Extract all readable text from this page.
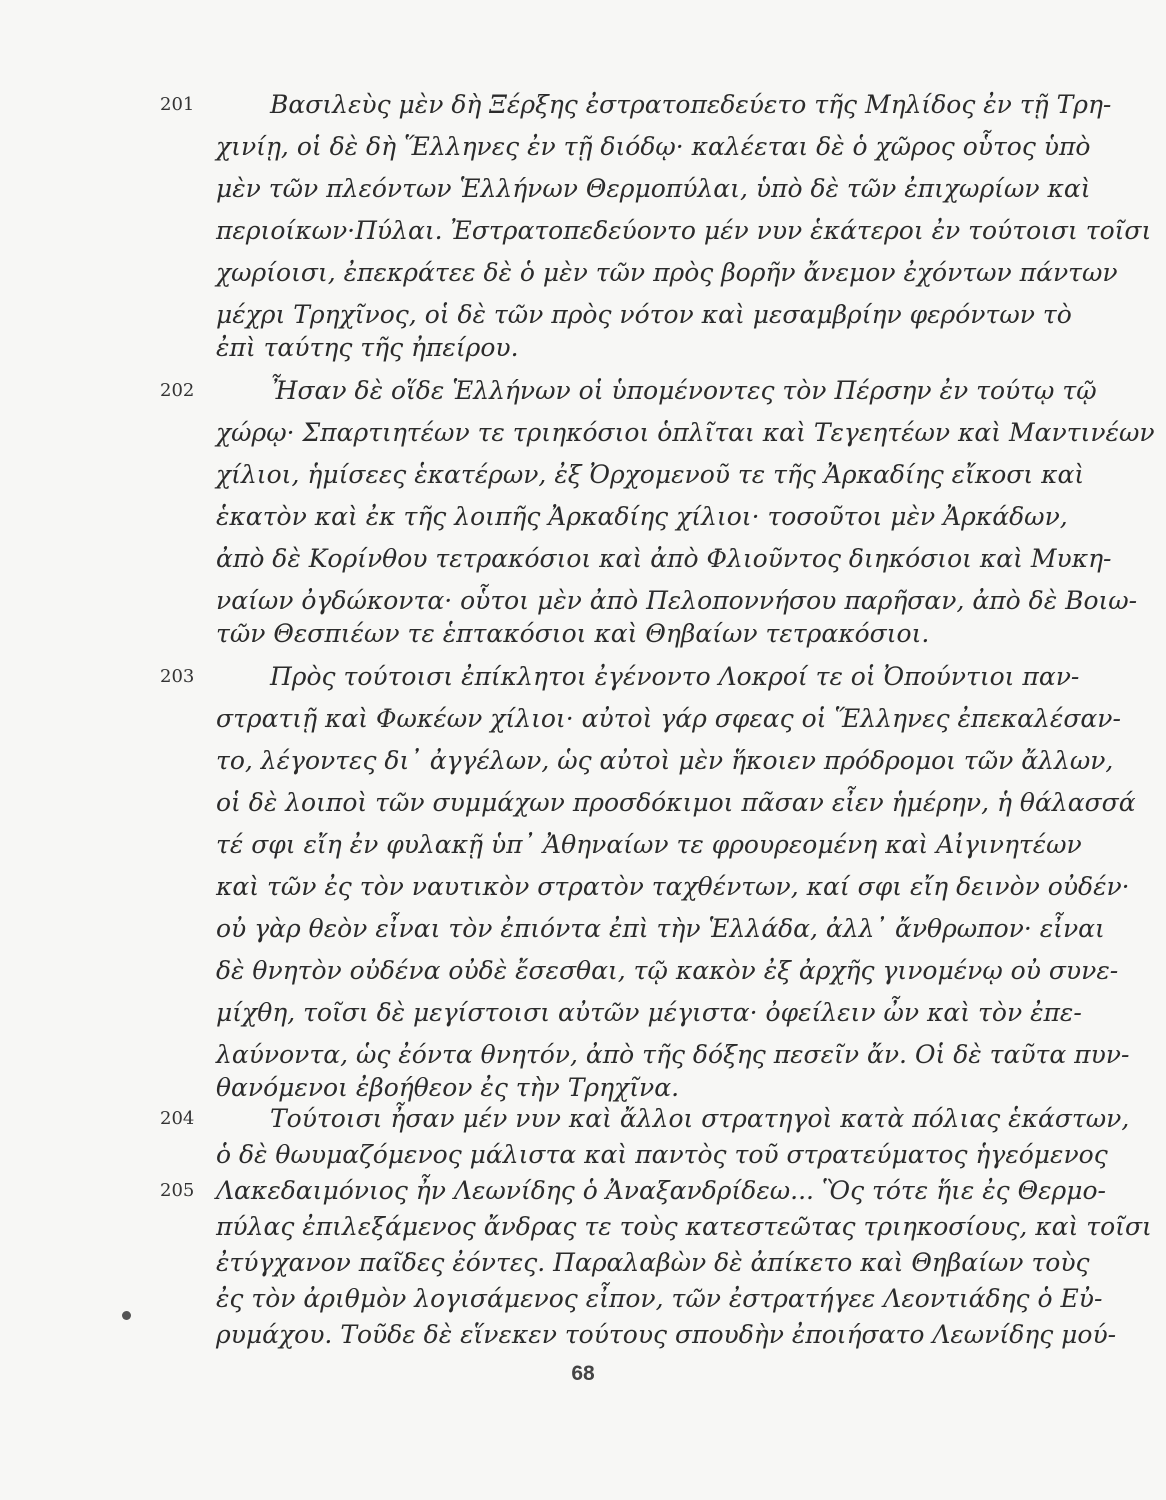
201	Βασιλεὺς μὲν δὴ Ξέρξης ἐστρατοπεδεύετο τῆς Μηλίδος ἐν τῇ Τρη-
χινίῃ, οἱ δὲ δὴ Ἕλληνες ἐν τῇ διόδῳ· καλέεται δὲ ὁ χῶρος οὗτος ὑπὸ
μὲν τῶν πλεόντων Ἑλλήνων Θερμοπύλαι, ὑπὸ δὲ τῶν ἐπιχωρίων καὶ
περιοίκων·Πύλαι. Ἐστρατοπεδεύοντο μέν νυν ἑκάτεροι ἐν τούτοισι τοῖσι
χωρίοισι, ἐπεκράτεε δὲ ὁ μὲν τῶν πρὸς βορῆν ἄνεμον ἐχόντων πάντων
μέχρι Τρηχῖνος, οἱ δὲ τῶν πρὸς νότον καὶ μεσαμβρίην φερόντων τὸ
ἐπὶ ταύτης τῆς ἠπείρου.
202	Ἦσαν δὲ οἵδε Ἑλλήνων οἱ ὑπομένοντες τὸν Πέρσην ἐν τούτῳ τῷ
χώρῳ· Σπαρτιητέων τε τριηκόσιοι ὁπλῖται καὶ Τεγεητέων καὶ Μαντινέων
χίλιοι, ἡμίσεες ἑκατέρων, ἐξ Ὀρχομενοῦ τε τῆς Ἀρκαδίης εἴκοσι καὶ
ἑκατὸν καὶ ἐκ τῆς λοιπῆς Ἀρκαδίης χίλιοι· τοσοῦτοι μὲν Ἀρκάδων,
ἀπὸ δὲ Κορίνθου τετρακόσιοι καὶ ἀπὸ Φλιοῦντος διηκόσιοι καὶ Μυκη-
ναίων ὀγδώκοντα· οὗτοι μὲν ἀπὸ Πελοποννήσου παρῆσαν, ἀπὸ δὲ Βοιω-
τῶν Θεσπιέων τε ἑπτακόσιοι καὶ Θηβαίων τετρακόσιοι.
203	Πρὸς τούτοισι ἐπίκλητοι ἐγένοντο Λοκροί τε οἱ Ὀπούντιοι παν-
στρατιῇ καὶ Φωκέων χίλιοι· αὐτοὶ γάρ σφεας οἱ Ἕλληνες ἐπεκαλέσαν-
το, λέγοντες δι᾽ ἀγγέλων, ὡς αὐτοὶ μὲν ἥκοιεν πρόδρομοι τῶν ἄλλων,
οἱ δὲ λοιποὶ τῶν συμμάχων προσδόκιμοι πᾶσαν εἶεν ἡμέρην, ἡ θάλασσά
τέ σφι εἴη ἐν φυλακῇ ὑπ᾽ Ἀθηναίων τε φρουρεομένη καὶ Αἰγινητέων
καὶ τῶν ἐς τὸν ναυτικὸν στρατὸν ταχθέντων, καί σφι εἴη δεινὸν οὐδέν·
οὐ γὰρ θεὸν εἶναι τὸν ἐπιόντα ἐπὶ τὴν Ἑλλάδα, ἀλλ᾽ ἄνθρωπον· εἶναι
δὲ θνητὸν οὐδένα οὐδὲ ἔσεσθαι, τῷ κακὸν ἐξ ἀρχῆς γινομένῳ οὐ συνε-
μίχθη, τοῖσι δὲ μεγίστοισι αὐτῶν μέγιστα· ὀφείλειν ὦν καὶ τὸν ἐπε-
λαύνοντα, ὡς ἐόντα θνητόν, ἀπὸ τῆς δόξης πεσεῖν ἄν. Οἱ δὲ ταῦτα πυν-
θανόμενοι ἐβοήθεον ἐς τὴν Τρηχῖνα.
204	Τούτοισι ἦσαν μέν νυν καὶ ἄλλοι στρατηγοὶ κατὰ πόλιας ἑκάστων,
ὁ δὲ θωυμαζόμενος μάλιστα καὶ παντὸς τοῦ στρατεύματος ἡγεόμενος
205 Λακεδαιμόνιος ἦν Λεωνίδης ὁ Ἀναξανδρίδεω... Ὃς τότε ἥιε ἐς Θερμο-
πύλας ἐπιλεξάμενος ἄνδρας τε τοὺς κατεστεῶτας τριηκοσίους, καὶ τοῖσι
ἐτύγχανον παῖδες ἐόντες. Παραλαβὼν δὲ ἀπίκετο καὶ Θηβαίων τοὺς
ἐς τὸν ἀριθμὸν λογισάμενος εἶπον, τῶν ἐστρατήγεε Λεοντιάδης ὁ Εὐ-
ρυμάχου. Τοῦδε δὲ εἵνεκεν τούτους σπουδὴν ἐποιήσατο Λεωνίδης μού-
68
